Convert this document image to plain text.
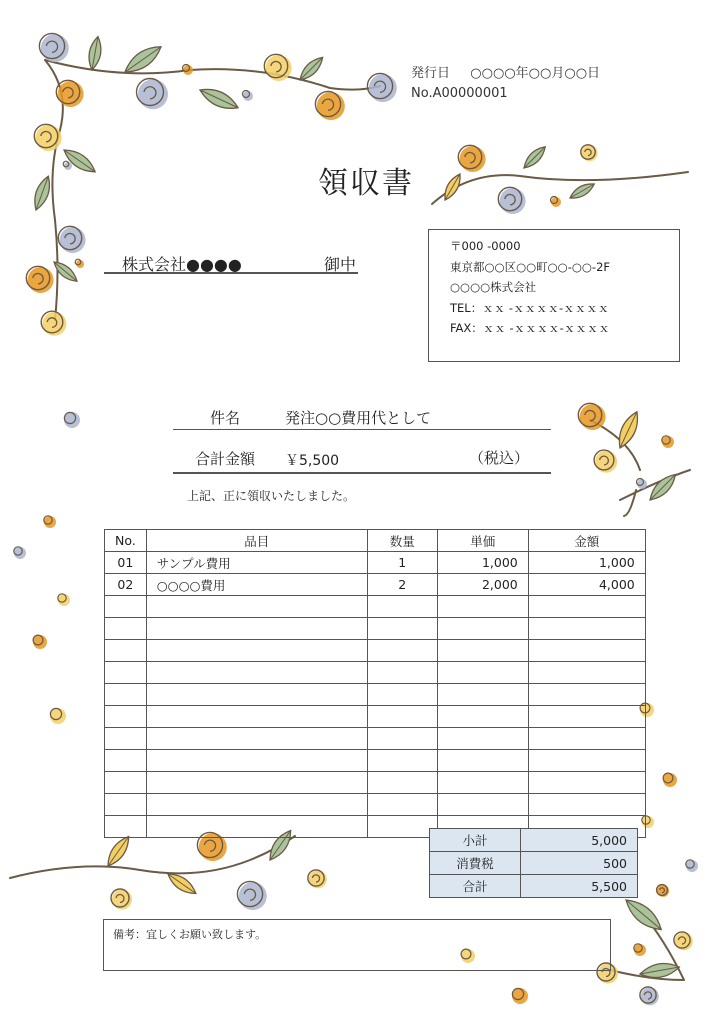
発行日 ○○○○年○○月○○日
No.A00000001
領収書
株式会社●●●●	御中
〒000 -0000
東京都○○区○○町○○-○○-2F
○○○○株式会社
TEL：ｘｘ -ｘｘｘｘ-ｘｘｘｘ
FAX：ｘｘ -ｘｘｘｘ-ｘｘｘｘ
件名	発注○○費用代として
合計金額	￥5,500	（税込）
上記、正に領収いたしました。
No.	品目	数量	単価	金額
01	サンプル費用	1	1,000	1,000
02	○○○○費用	2	2,000	4,000

小計	5,000
消費税	500
合計	5,500
備考：宜しくお願い致します。
